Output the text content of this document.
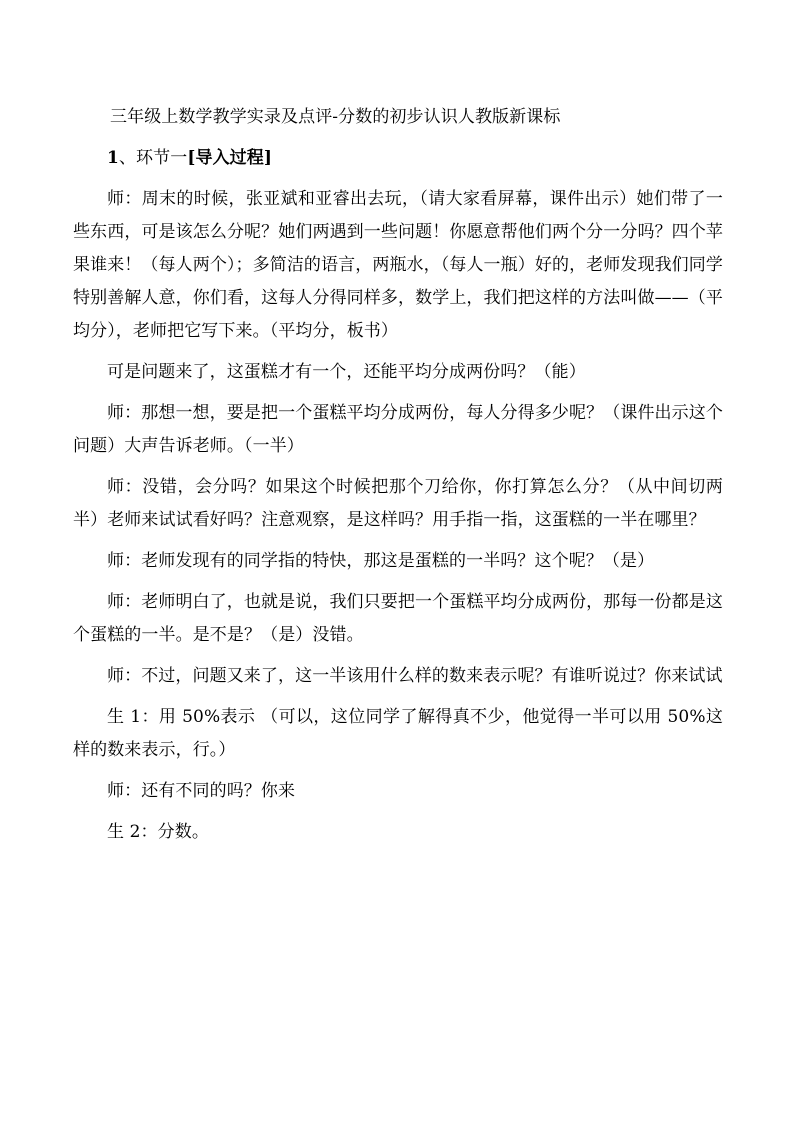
三年级上数学教学实录及点评-分数的初步认识人教版新课标

1、环节一[导入过程]

师：周末的时候，张亚斌和亚睿出去玩，（请大家看屏幕，课件出示）她们带了一些东西，可是该怎么分呢？她们两遇到一些问题！你愿意帮他们两个分一分吗？四个苹果谁来！（每人两个）；多简洁的语言，两瓶水，（每人一瓶）好的，老师发现我们同学特别善解人意，你们看，这每人分得同样多，数学上，我们把这样的方法叫做——（平均分），老师把它写下来。（平均分，板书）

可是问题来了，这蛋糕才有一个，还能平均分成两份吗？（能）

师：那想一想，要是把一个蛋糕平均分成两份，每人分得多少呢？（课件出示这个问题）大声告诉老师。（一半）

师：没错，会分吗？如果这个时候把那个刀给你，你打算怎么分？（从中间切两半）老师来试试看好吗？注意观察，是这样吗？用手指一指，这蛋糕的一半在哪里？

师：老师发现有的同学指的特快，那这是蛋糕的一半吗？这个呢？（是）

师：老师明白了，也就是说，我们只要把一个蛋糕平均分成两份，那每一份都是这个蛋糕的一半。是不是？（是）没错。

师：不过，问题又来了，这一半该用什么样的数来表示呢？有谁听说过？你来试试

生 1：用 50%表示 （可以，这位同学了解得真不少，他觉得一半可以用 50%这样的数来表示，行。）

师：还有不同的吗？你来

生 2：分数。
